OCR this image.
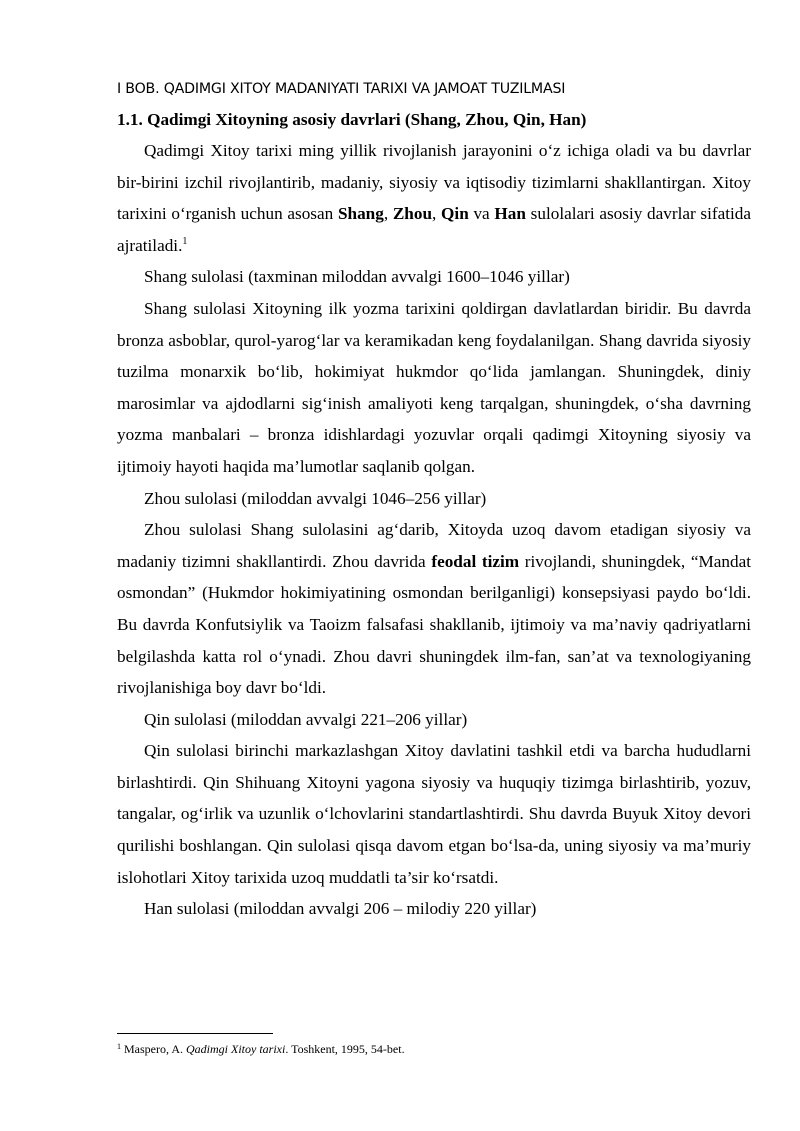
I BOB. QADIMGI XITOY MADANIYATI TARIXI VA JAMOAT TUZILMASI
1.1. Qadimgi Xitoyning asosiy davrlari (Shang, Zhou, Qin, Han)

Qadimgi Xitoy tarixi ming yillik rivojlanish jarayonini o‘z ichiga oladi va bu davrlar bir-birini izchil rivojlantirib, madaniy, siyosiy va iqtisodiy tizimlarni shakllantirgan. Xitoy tarixini o‘rganish uchun asosan Shang, Zhou, Qin va Han sulolalari asosiy davrlar sifatida ajratiladi.$^1$

Shang sulolasi (taxminan miloddan avvalgi 1600–1046 yillar)

Shang sulolasi Xitoyning ilk yozma tarixini qoldirgan davlatlardan biridir. Bu davrda bronza asboblar, qurol-yarog‘lar va keramikadan keng foydalanilgan. Shang davrida siyosiy tuzilma monarxik bo‘lib, hokimiyat hukmdor qo‘lida jamlangan. Shuningdek, diniy marosimlar va ajdodlarni sig‘inish amaliyoti keng tarqalgan, shuningdek, o‘sha davrning yozma manbalari – bronza idishlardagi yozuvlar orqali qadimgi Xitoyning siyosiy va ijtimoiy hayoti haqida ma’lumotlar saqlanib qolgan.

Zhou sulolasi (miloddan avvalgi 1046–256 yillar)

Zhou sulolasi Shang sulolasini ag‘darib, Xitoyda uzoq davom etadigan siyosiy va madaniy tizimni shakllantirdi. Zhou davrida feodal tizim rivojlandi, shuningdek, “Mandat osmondan” (Hukmdor hokimiyatining osmondan berilganligi) konsepsiyasi paydo bo‘ldi. Bu davrda Konfutsiylik va Taoizm falsafasi shakllanib, ijtimoiy va ma’naviy qadriyatlarni belgilashda katta rol o‘ynadi. Zhou davri shuningdek ilm-fan, san’at va texnologiyaning rivojlanishiga boy davr bo‘ldi.

Qin sulolasi (miloddan avvalgi 221–206 yillar)

Qin sulolasi birinchi markazlashgan Xitoy davlatini tashkil etdi va barcha hududlarni birlashtirdi. Qin Shihuang Xitoyni yagona siyosiy va huquqiy tizimga birlashtirib, yozuv, tangalar, og‘irlik va uzunlik o‘lchovlarini standartlashtirdi. Shu davrda Buyuk Xitoy devori qurilishi boshlangan. Qin sulolasi qisqa davom etgan bo‘lsa-da, uning siyosiy va ma’muriy islohotlari Xitoy tarixida uzoq muddatli ta’sir ko‘rsatdi.

Han sulolasi (miloddan avvalgi 206 – milodiy 220 yillar)

$^1$ Maspero, A. Qadimgi Xitoy tarixi. Toshkent, 1995, 54-bet.
